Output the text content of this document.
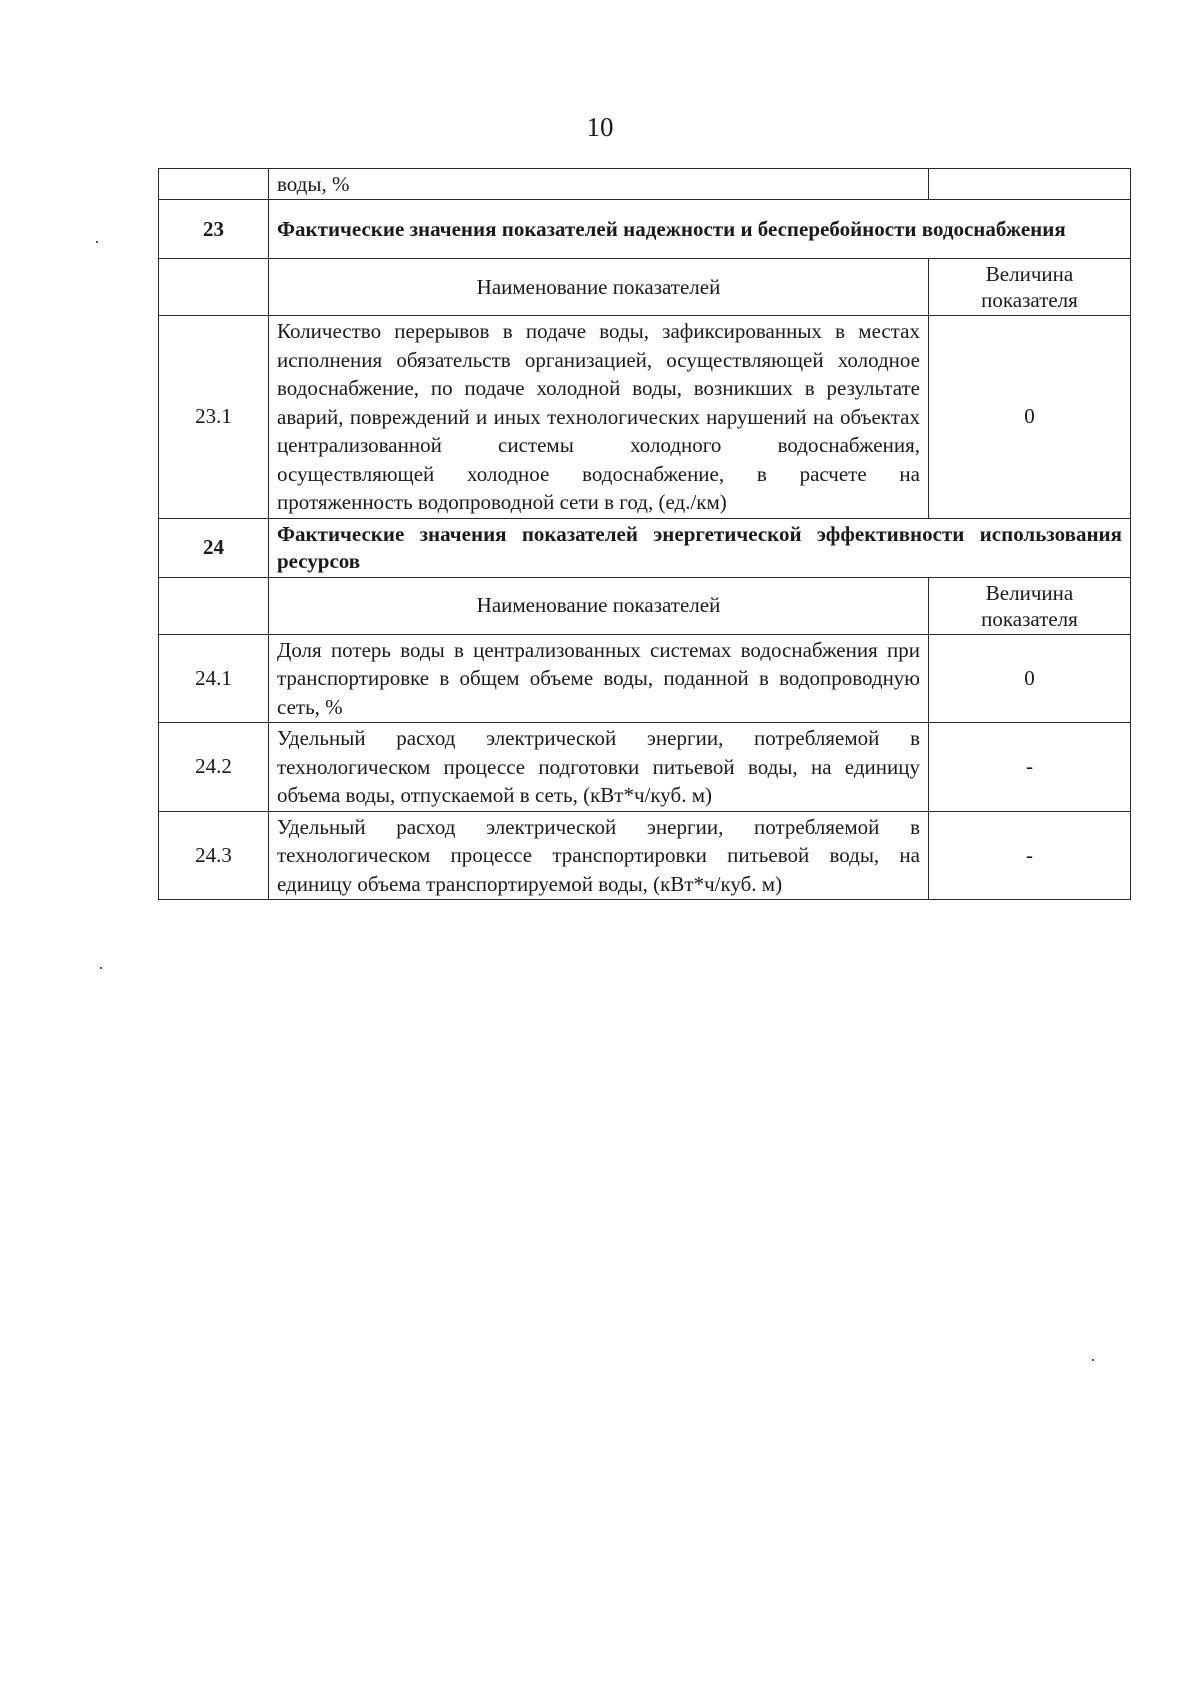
10
	воды, %	
23	Фактические значения показателей надежности и бесперебойности водоснабжения	
	Наименование показателей	Величина показателя
23.1	Количество перерывов в подаче воды, зафиксированных в местах исполнения обязательств организацией, осуществляющей холодное водоснабжение, по подаче холодной воды, возникших в результате аварий, повреждений и иных технологических нарушений на объектах централизованной системы холодного водоснабжения, осуществляющей холодное водоснабжение, в расчете на протяженность водопроводной сети в год, (ед./км)	0
24	Фактические значения показателей энергетической эффективности использования ресурсов	
	Наименование показателей	Величина показателя
24.1	Доля потерь воды в централизованных системах водоснабжения при транспортировке в общем объеме воды, поданной в водопроводную сеть, %	0
24.2	Удельный расход электрической энергии, потребляемой в технологическом процессе подготовки питьевой воды, на единицу объема воды, отпускаемой в сеть, (кВт*ч/куб. м)	-
24.3	Удельный расход электрической энергии, потребляемой в технологическом процессе транспортировки питьевой воды, на единицу объема транспортируемой воды, (кВт*ч/куб. м)	-
·
·
·
